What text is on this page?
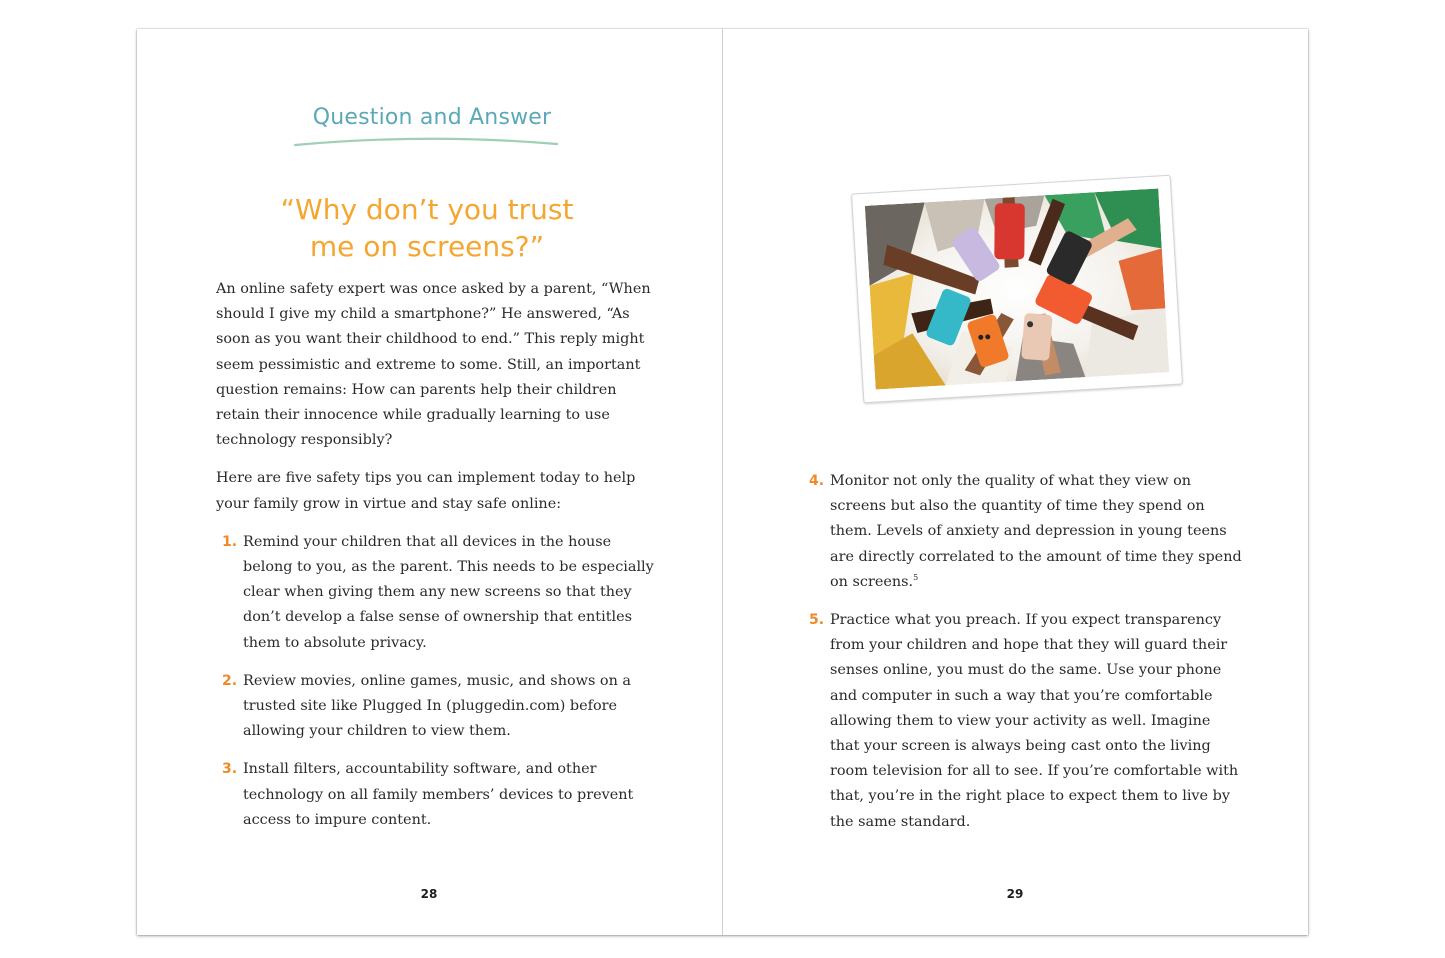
Question and Answer
“Why don’t you trust
me on screens?”

An online safety expert was once asked by a parent, “When should I give my child a smartphone?” He answered, “As soon as you want their childhood to end.” This reply might seem pessimistic and extreme to some. Still, an important question remains: How can parents help their children retain their innocence while gradually learning to use technology responsibly?

Here are five safety tips you can implement today to help your family grow in virtue and stay safe online:

1. Remind your children that all devices in the house belong to you, as the parent. This needs to be especially clear when giving them any new screens so that they don’t develop a false sense of ownership that entitles them to absolute privacy.
2. Review movies, online games, music, and shows on a trusted site like Plugged In (pluggedin.com) before allowing your children to view them.
3. Install filters, accountability software, and other technology on all family members’ devices to prevent access to impure content.
28
4. Monitor not only the quality of what they view on screens but also the quantity of time they spend on them. Levels of anxiety and depression in young teens are directly correlated to the amount of time they spend on screens.$^5$
5. Practice what you preach. If you expect transparency from your children and hope that they will guard their senses online, you must do the same. Use your phone and computer in such a way that you’re comfortable allowing them to view your activity as well. Imagine that your screen is always being cast onto the living room television for all to see. If you’re comfortable with that, you’re in the right place to expect them to live by the same standard.
29
